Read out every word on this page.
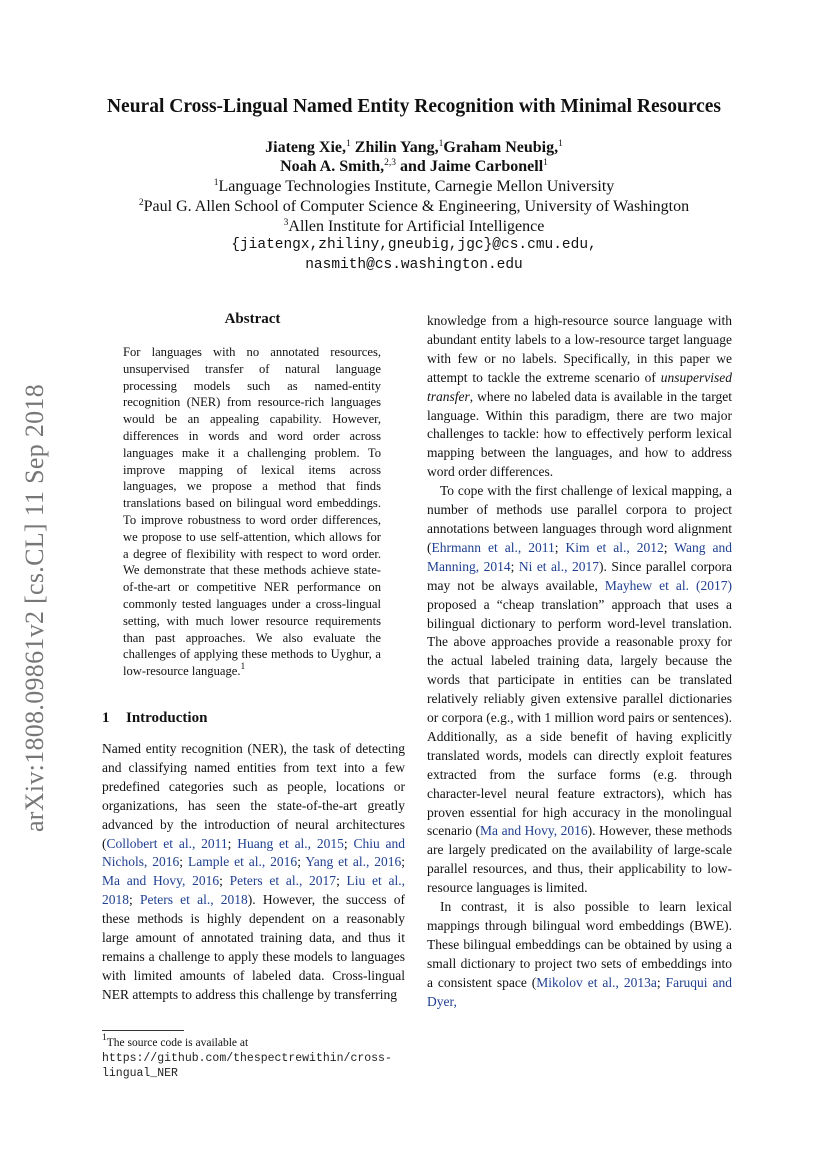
arXiv:1808.09861v2 [cs.CL] 11 Sep 2018
Neural Cross-Lingual Named Entity Recognition with Minimal Resources
Jiateng Xie,$^1$ Zhilin Yang,$^1$Graham Neubig,$^1$
Noah A. Smith,$^{2,3}$ and Jaime Carbonell$^1$
$^1$Language Technologies Institute, Carnegie Mellon University
$^2$Paul G. Allen School of Computer Science & Engineering, University of Washington
$^3$Allen Institute for Artificial Intelligence
{jiatengx,zhiliny,gneubig,jgc}@cs.cmu.edu,
nasmith@cs.washington.edu
Abstract
For languages with no annotated resources, unsupervised transfer of natural language processing models such as named-entity recognition (NER) from resource-rich languages would be an appealing capability. However, differences in words and word order across languages make it a challenging problem. To improve mapping of lexical items across languages, we propose a method that finds translations based on bilingual word embeddings. To improve robustness to word order differences, we propose to use self-attention, which allows for a degree of flexibility with respect to word order. We demonstrate that these methods achieve state-of-the-art or competitive NER performance on commonly tested languages under a cross-lingual setting, with much lower resource requirements than past approaches. We also evaluate the challenges of applying these methods to Uyghur, a low-resource language.$^1$
1 Introduction
Named entity recognition (NER), the task of detecting and classifying named entities from text into a few predefined categories such as people, locations or organizations, has seen the state-of-the-art greatly advanced by the introduction of neural architectures (Collobert et al., 2011; Huang et al., 2015; Chiu and Nichols, 2016; Lample et al., 2016; Yang et al., 2016; Ma and Hovy, 2016; Peters et al., 2017; Liu et al., 2018; Peters et al., 2018). However, the success of these methods is highly dependent on a reasonably large amount of annotated training data, and thus it remains a challenge to apply these models to languages with limited amounts of labeled data. Cross-lingual NER attempts to address this challenge by transferring
$^1$The source code is available at https://github.com/thespectrewithin/cross-lingual_NER

knowledge from a high-resource source language with abundant entity labels to a low-resource target language with few or no labels. Specifically, in this paper we attempt to tackle the extreme scenario of unsupervised transfer, where no labeled data is available in the target language. Within this paradigm, there are two major challenges to tackle: how to effectively perform lexical mapping between the languages, and how to address word order differences.

To cope with the first challenge of lexical mapping, a number of methods use parallel corpora to project annotations between languages through word alignment (Ehrmann et al., 2011; Kim et al., 2012; Wang and Manning, 2014; Ni et al., 2017). Since parallel corpora may not be always available, Mayhew et al. (2017) proposed a “cheap translation” approach that uses a bilingual dictionary to perform word-level translation. The above approaches provide a reasonable proxy for the actual labeled training data, largely because the words that participate in entities can be translated relatively reliably given extensive parallel dictionaries or corpora (e.g., with 1 million word pairs or sentences). Additionally, as a side benefit of having explicitly translated words, models can directly exploit features extracted from the surface forms (e.g. through character-level neural feature extractors), which has proven essential for high accuracy in the monolingual scenario (Ma and Hovy, 2016). However, these methods are largely predicated on the availability of large-scale parallel resources, and thus, their applicability to low-resource languages is limited.

In contrast, it is also possible to learn lexical mappings through bilingual word embeddings (BWE). These bilingual embeddings can be obtained by using a small dictionary to project two sets of embeddings into a consistent space (Mikolov et al., 2013a; Faruqui and Dyer,
